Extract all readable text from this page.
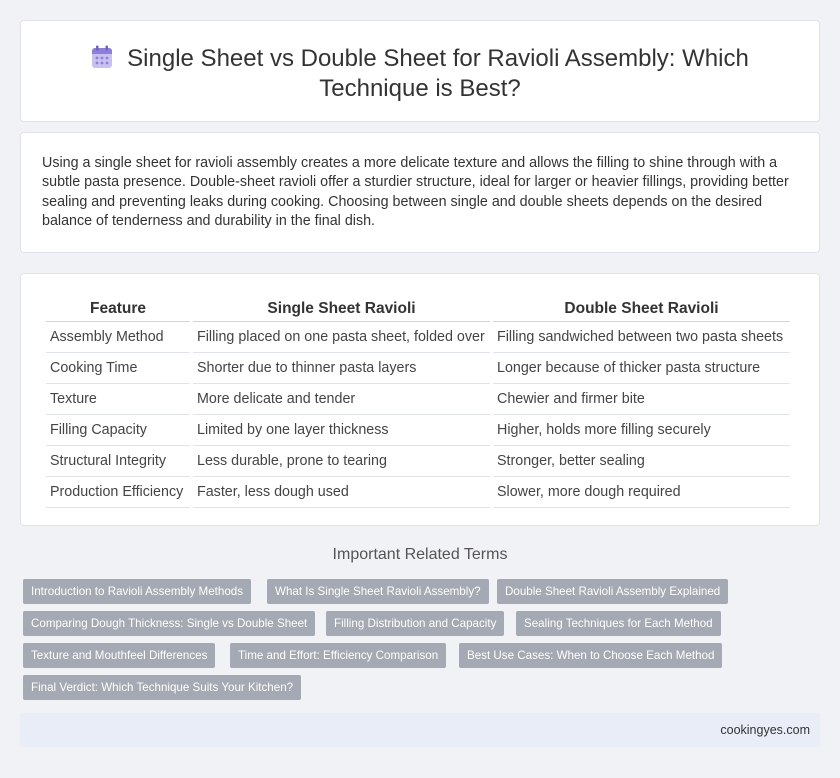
Single Sheet vs Double Sheet for Ravioli Assembly: Which
Technique is Best?

Using a single sheet for ravioli assembly creates a more delicate texture and allows the filling to shine through with a subtle pasta presence. Double-sheet ravioli offer a sturdier structure, ideal for larger or heavier fillings, providing better sealing and preventing leaks during cooking. Choosing between single and double sheets depends on the desired balance of tenderness and durability in the final dish.

Feature	Single Sheet Ravioli	Double Sheet Ravioli
Assembly Method	Filling placed on one pasta sheet, folded over	Filling sandwiched between two pasta sheets
Cooking Time	Shorter due to thinner pasta layers	Longer because of thicker pasta structure
Texture	More delicate and tender	Chewier and firmer bite
Filling Capacity	Limited by one layer thickness	Higher, holds more filling securely
Structural Integrity	Less durable, prone to tearing	Stronger, better sealing
Production Efficiency	Faster, less dough used	Slower, more dough required
Important Related Terms
Introduction to Ravioli Assembly Methods	What Is Single Sheet Ravioli Assembly?	Double Sheet Ravioli Assembly Explained
Comparing Dough Thickness: Single vs Double Sheet	Filling Distribution and Capacity	Sealing Techniques for Each Method
Texture and Mouthfeel Differences	Time and Effort: Efficiency Comparison	Best Use Cases: When to Choose Each Method
Final Verdict: Which Technique Suits Your Kitchen?
cookingyes.com
